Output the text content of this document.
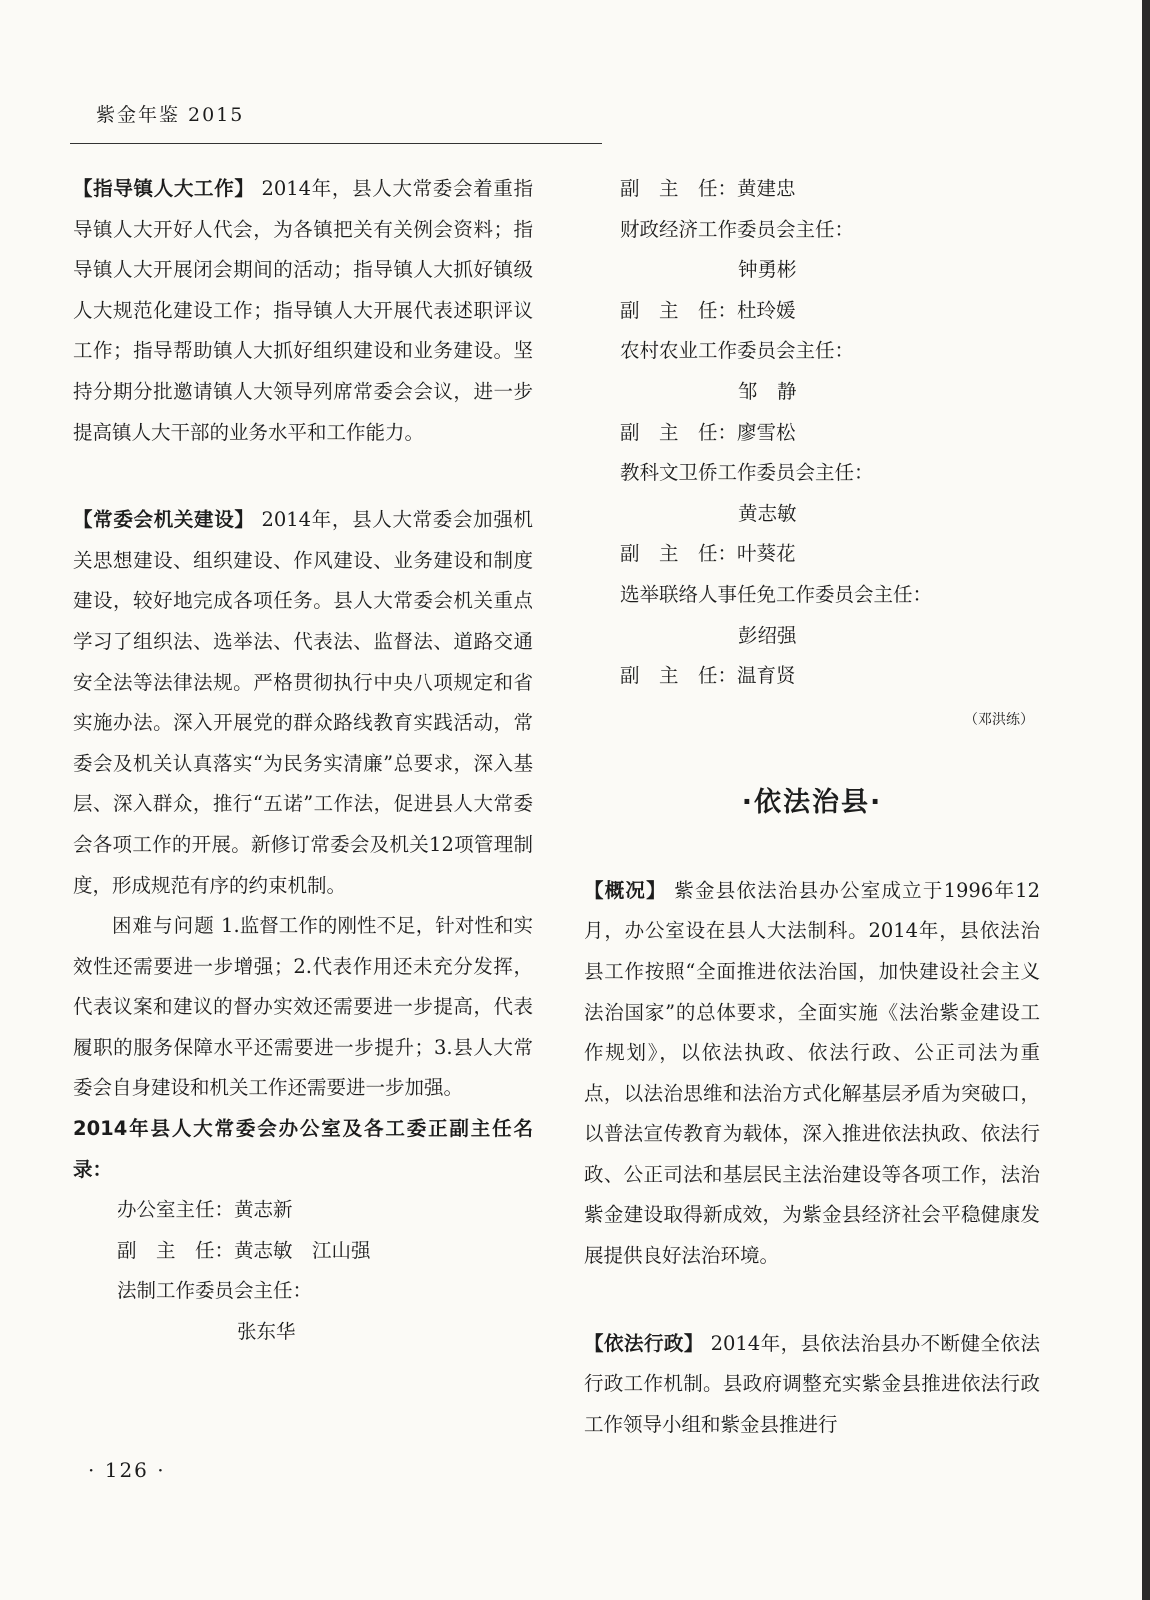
紫金年鉴 2015

【指导镇人大工作】 2014年，县人大常委会着重指导镇人大开好人代会，为各镇把关有关例会资料；指导镇人大开展闭会期间的活动；指导镇人大抓好镇级人大规范化建设工作；指导镇人大开展代表述职评议工作；指导帮助镇人大抓好组织建设和业务建设。坚持分期分批邀请镇人大领导列席常委会会议，进一步提高镇人大干部的业务水平和工作能力。

【常委会机关建设】 2014年，县人大常委会加强机关思想建设、组织建设、作风建设、业务建设和制度建设，较好地完成各项任务。县人大常委会机关重点学习了组织法、选举法、代表法、监督法、道路交通安全法等法律法规。严格贯彻执行中央八项规定和省实施办法。深入开展党的群众路线教育实践活动，常委会及机关认真落实“为民务实清廉”总要求，深入基层、深入群众，推行“五诺”工作法，促进县人大常委会各项工作的开展。新修订常委会及机关12项管理制度，形成规范有序的约束机制。

困难与问题 1.监督工作的刚性不足，针对性和实效性还需要进一步增强；2.代表作用还未充分发挥，代表议案和建议的督办实效还需要进一步提高，代表履职的服务保障水平还需要进一步提升；3.县人大常委会自身建设和机关工作还需要进一步加强。

2014年县人大常委会办公室及各工委正副主任名录：

办公室主任：黄志新

副　主　任：黄志敏　江山强

法制工作委员会主任：

张东华

副　主　任：黄建忠

财政经济工作委员会主任：

钟勇彬

副　主　任：杜玲媛

农村农业工作委员会主任：

邹　静

副　主　任：廖雪松

教科文卫侨工作委员会主任：

黄志敏

副　主　任：叶葵花

选举联络人事任免工作委员会主任：

彭绍强

副　主　任：温育贤

（邓洪练）
·依法治县·

【概况】 紫金县依法治县办公室成立于1996年12月，办公室设在县人大法制科。2014年，县依法治县工作按照“全面推进依法治国，加快建设社会主义法治国家”的总体要求，全面实施《法治紫金建设工作规划》，以依法执政、依法行政、公正司法为重点，以法治思维和法治方式化解基层矛盾为突破口，以普法宣传教育为载体，深入推进依法执政、依法行政、公正司法和基层民主法治建设等各项工作，法治紫金建设取得新成效，为紫金县经济社会平稳健康发展提供良好法治环境。

【依法行政】 2014年，县依法治县办不断健全依法行政工作机制。县政府调整充实紫金县推进依法行政工作领导小组和紫金县推进行

· 126 ·
